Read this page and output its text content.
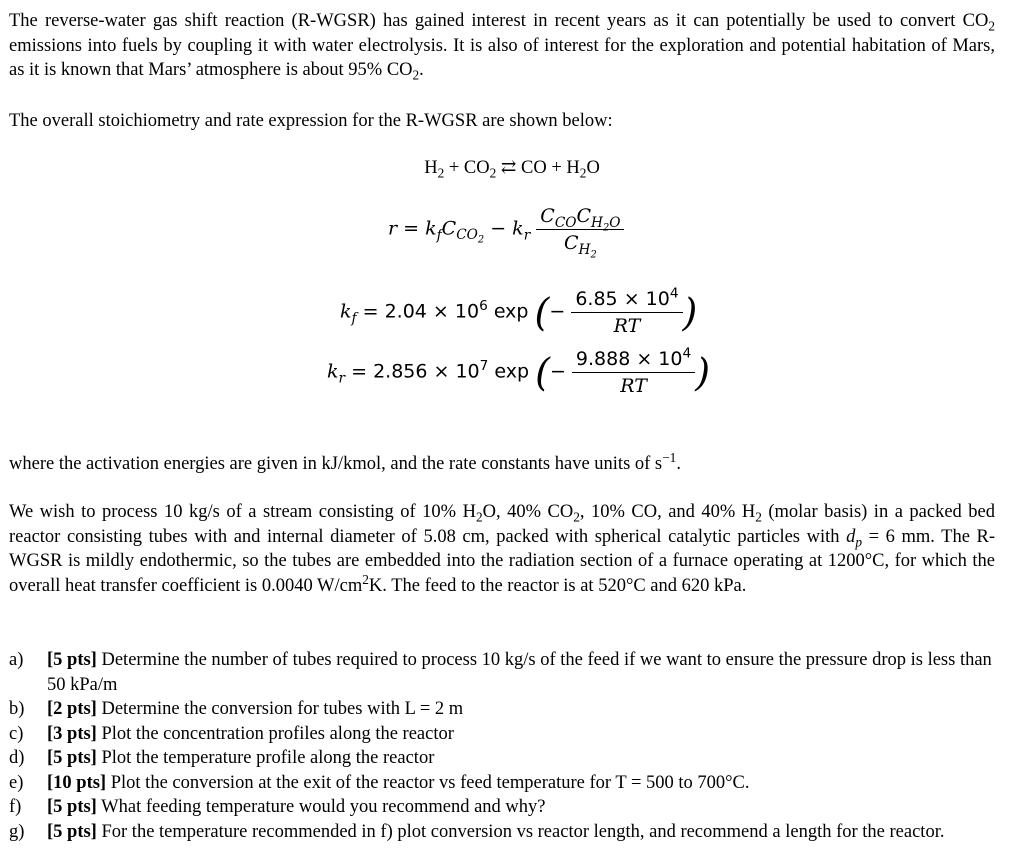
The reverse-water gas shift reaction (R-WGSR) has gained interest in recent years as it can potentially be used to convert $CO_2$ emissions into fuels by coupling it with water electrolysis. It is also of interest for the exploration and potential habitation of Mars, as it is known that Mars’ atmosphere is about 95% $CO_2$.
The overall stoichiometry and rate expression for the R-WGSR are shown below:
$H_2 + CO_2$ ⇄ CO + $H_2O$
$r = k_fC_{CO_2} - k_r \frac{C_{CO}C_{H_2O}}{C_{H_2}}$
$k_f = 2.04 \times 10^6$ exp (− $\frac{6.85 \times 10^4}{RT}$ )
$k_r = 2.856 \times 10^7$ exp (− $\frac{9.888 \times 10^4}{RT}$ )
where the activation energies are given in kJ/kmol, and the rate constants have units of $s^{-1}$.
We wish to process 10 kg/s of a stream consisting of 10% $H_2O$, 40% $CO_2$, 10% CO, and 40% $H_2$ (molar basis) in a packed bed reactor consisting tubes with and internal diameter of 5.08 cm, packed with spherical catalytic particles with $d_p = 6$ mm. The R-WGSR is mildly endothermic, so the tubes are embedded into the radiation section of a furnace operating at 1200°C, for which the overall heat transfer coefficient is 0.0040 $W/cm^2K$. The feed to the reactor is at 520°C and 620 kPa.
a) [5 pts] Determine the number of tubes required to process 10 kg/s of the feed if we want to ensure the pressure drop is less than 50 kPa/m
b) [2 pts] Determine the conversion for tubes with L = 2 m
c) [3 pts] Plot the concentration profiles along the reactor
d) [5 pts] Plot the temperature profile along the reactor
e) [10 pts] Plot the conversion at the exit of the reactor vs feed temperature for T = 500 to 700°C.
f) [5 pts] What feeding temperature would you recommend and why?
g) [5 pts] For the temperature recommended in f) plot conversion vs reactor length, and recommend a length for the reactor.
